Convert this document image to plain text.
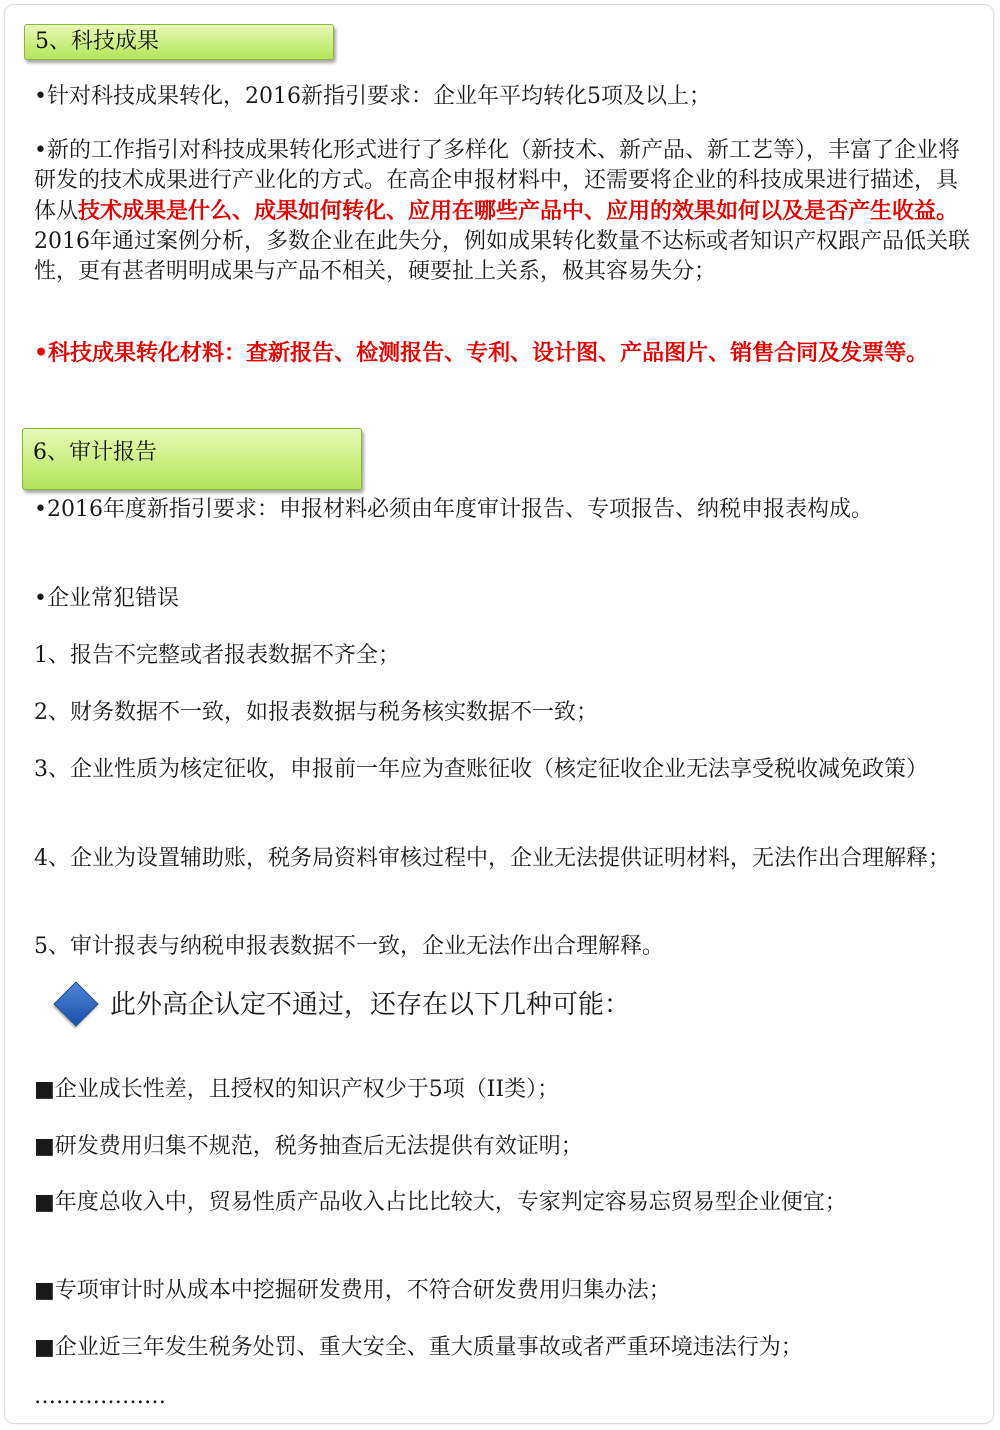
5、科技成果

•针对科技成果转化，2016新指引要求：企业年平均转化5项及以上；

•新的工作指引对科技成果转化形式进行了多样化（新技术、新产品、新工艺等），丰富了企业将研发的技术成果进行产业化的方式。在高企申报材料中，还需要将企业的科技成果进行描述，具体从技术成果是什么、成果如何转化、应用在哪些产品中、应用的效果如何以及是否产生收益。2016年通过案例分析，多数企业在此失分，例如成果转化数量不达标或者知识产权跟产品低关联性，更有甚者明明成果与产品不相关，硬要扯上关系，极其容易失分；

•科技成果转化材料：查新报告、检测报告、专利、设计图、产品图片、销售合同及发票等。

6、审计报告

•2016年度新指引要求：申报材料必须由年度审计报告、专项报告、纳税申报表构成。

•企业常犯错误

1、报告不完整或者报表数据不齐全；

2、财务数据不一致，如报表数据与税务核实数据不一致；

3、企业性质为核定征收，申报前一年应为查账征收（核定征收企业无法享受税收减免政策）

4、企业为设置辅助账，税务局资料审核过程中，企业无法提供证明材料，无法作出合理解释；

5、审计报表与纳税申报表数据不一致，企业无法作出合理解释。

此外高企认定不通过，还存在以下几种可能：

■企业成长性差，且授权的知识产权少于5项（II类）；

■研发费用归集不规范，税务抽查后无法提供有效证明；

■年度总收入中，贸易性质产品收入占比比较大，专家判定容易忘贸易型企业便宜；

■专项审计时从成本中挖掘研发费用，不符合研发费用归集办法；

■企业近三年发生税务处罚、重大安全、重大质量事故或者严重环境违法行为；

………………
